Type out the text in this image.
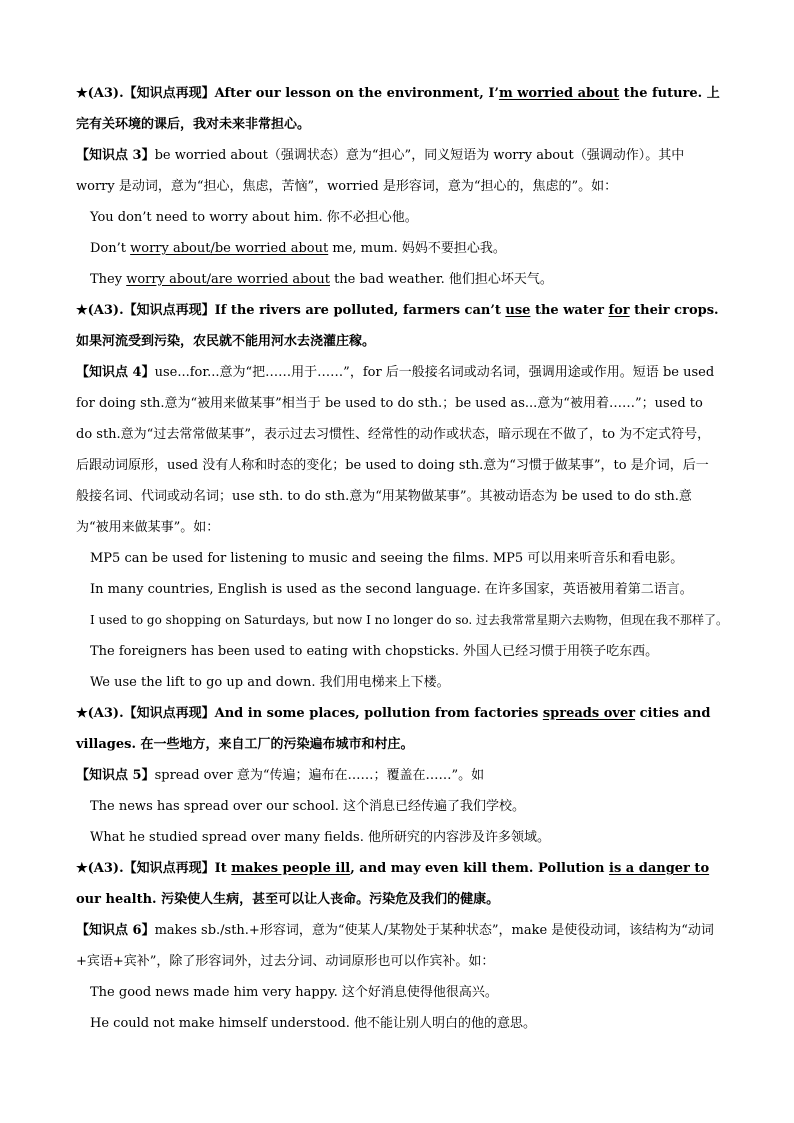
★(A3).【知识点再现】After our lesson on the environment, I’m worried about the future. 上完有关环境的课后，我对未来非常担心。

【知识点 3】be worried about（强调状态）意为“担心”，同义短语为 worry about（强调动作）。其中 worry 是动词，意为“担心，焦虑，苦恼”，worried 是形容词，意为“担心的，焦虑的”。如：

You don’t need to worry about him. 你不必担心他。

Don’t worry about/be worried about me, mum. 妈妈不要担心我。

They worry about/are worried about the bad weather. 他们担心坏天气。

★(A3).【知识点再现】If the rivers are polluted, farmers can’t use the water for their crops. 如果河流受到污染，农民就不能用河水去浇灌庄稼。

【知识点 4】use...for...意为“把……用于……”，for 后一般接名词或动名词，强调用途或作用。短语 be used for doing sth.意为“被用来做某事”相当于 be used to do sth.；be used as...意为“被用着……”；used to do sth.意为“过去常常做某事”，表示过去习惯性、经常性的动作或状态，暗示现在不做了，to 为不定式符号，后跟动词原形，used 没有人称和时态的变化；be used to doing sth.意为“习惯于做某事”，to 是介词，后一般接名词、代词或动名词；use sth. to do sth.意为“用某物做某事”。其被动语态为 be used to do sth.意为“被用来做某事”。如：

MP5 can be used for listening to music and seeing the films. MP5 可以用来听音乐和看电影。

In many countries, English is used as the second language. 在许多国家，英语被用着第二语言。

I used to go shopping on Saturdays, but now I no longer do so. 过去我常常星期六去购物，但现在我不那样了。

The foreigners has been used to eating with chopsticks. 外国人已经习惯于用筷子吃东西。

We use the lift to go up and down. 我们用电梯来上下楼。

★(A3).【知识点再现】And in some places, pollution from factories spreads over cities and villages. 在一些地方，来自工厂的污染遍布城市和村庄。

【知识点 5】spread over 意为“传遍；遍布在……；覆盖在……”。如

The news has spread over our school. 这个消息已经传遍了我们学校。

What he studied spread over many fields. 他所研究的内容涉及许多领域。

★(A3).【知识点再现】It makes people ill, and may even kill them. Pollution is a danger to our health. 污染使人生病，甚至可以让人丧命。污染危及我们的健康。

【知识点 6】makes sb./sth.+形容词，意为“使某人/某物处于某种状态”，make 是使役动词，该结构为“动词+宾语+宾补”，除了形容词外，过去分词、动词原形也可以作宾补。如：

The good news made him very happy. 这个好消息使得他很高兴。

He could not make himself understood. 他不能让别人明白的他的意思。
